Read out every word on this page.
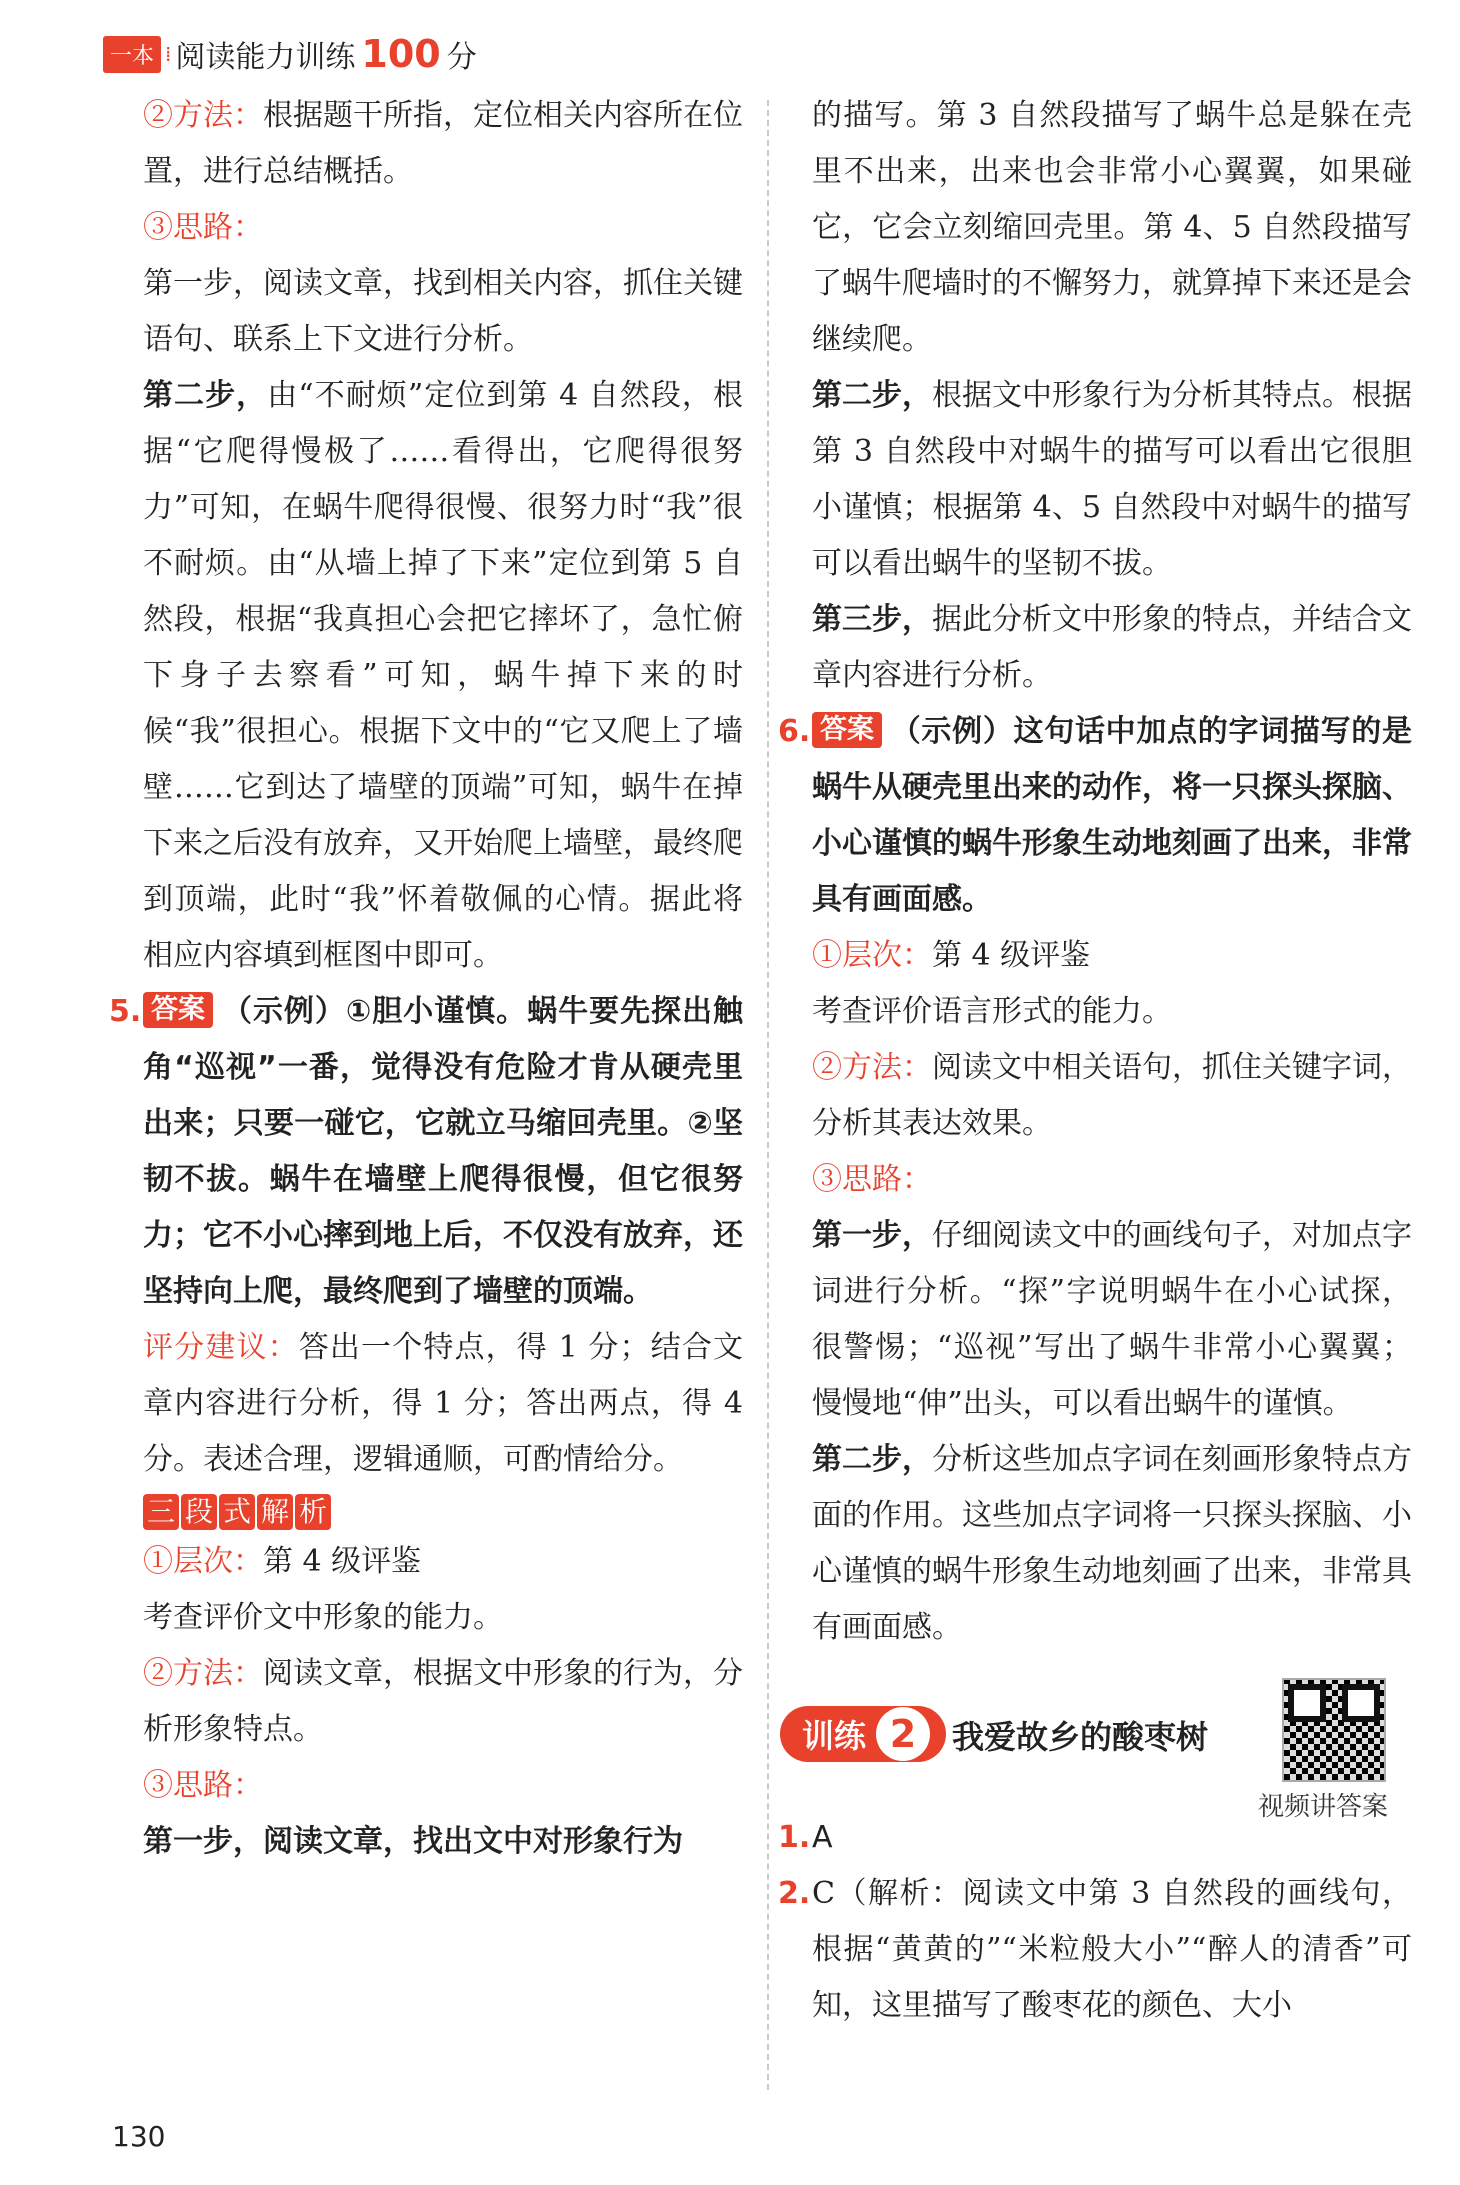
一本 ⁞ 阅读能力训练 100 分

②方法：根据题干所指，定位相关内容所在位置，进行总结概括。

③思路：

第一步，阅读文章，找到相关内容，抓住关键语句、联系上下文进行分析。

第二步，由“不耐烦”定位到第 4 自然段，根据“它爬得慢极了……看得出，它爬得很努力”可知，在蜗牛爬得很慢、很努力时“我”很不耐烦。由“从墙上掉了下来”定位到第 5 自然段，根据“我真担心会把它摔坏了，急忙俯下身子去察看”可知，蜗牛掉下来的时候“我”很担心。根据下文中的“它又爬上了墙壁……它到达了墙壁的顶端”可知，蜗牛在掉下来之后没有放弃，又开始爬上墙壁，最终爬到顶端，此时“我”怀着敬佩的心情。据此将相应内容填到框图中即可。

5. 答案 （示例）①胆小谨慎。蜗牛要先探出触角“巡视”一番，觉得没有危险才肯从硬壳里出来；只要一碰它，它就立马缩回壳里。②坚韧不拔。蜗牛在墙壁上爬得很慢，但它很努力；它不小心摔到地上后，不仅没有放弃，还坚持向上爬，最终爬到了墙壁的顶端。

评分建议：答出一个特点，得 1 分；结合文章内容进行分析，得 1 分；答出两点，得 4 分。表述合理，逻辑通顺，可酌情给分。

三 段 式 解 析

①层次：第 4 级评鉴

考查评价文中形象的能力。

②方法：阅读文章，根据文中形象的行为，分析形象特点。

③思路：

第一步，阅读文章，找出文中对形象行为

的描写。第 3 自然段描写了蜗牛总是躲在壳里不出来，出来也会非常小心翼翼，如果碰它，它会立刻缩回壳里。第 4、5 自然段描写了蜗牛爬墙时的不懈努力，就算掉下来还是会继续爬。

第二步，根据文中形象行为分析其特点。根据第 3 自然段中对蜗牛的描写可以看出它很胆小谨慎；根据第 4、5 自然段中对蜗牛的描写可以看出蜗牛的坚韧不拔。

第三步，据此分析文中形象的特点，并结合文章内容进行分析。

6. 答案 （示例）这句话中加点的字词描写的是蜗牛从硬壳里出来的动作，将一只探头探脑、小心谨慎的蜗牛形象生动地刻画了出来，非常具有画面感。

①层次：第 4 级评鉴

考查评价语言形式的能力。

②方法：阅读文中相关语句，抓住关键字词，分析其表达效果。

③思路：

第一步，仔细阅读文中的画线句子，对加点字词进行分析。“探”字说明蜗牛在小心试探，很警惕；“巡视”写出了蜗牛非常小心翼翼；慢慢地“伸”出头，可以看出蜗牛的谨慎。

第二步，分析这些加点字词在刻画形象特点方面的作用。这些加点字词将一只探头探脑、小心谨慎的蜗牛形象生动地刻画了出来，非常具有画面感。

训练 2	我爱故乡的酸枣树
视频讲答案
1. A

2. C（解析：阅读文中第 3 自然段的画线句，根据“黄黄的”“米粒般大小”“醉人的清香”可知，这里描写了酸枣花的颜色、大小

130
